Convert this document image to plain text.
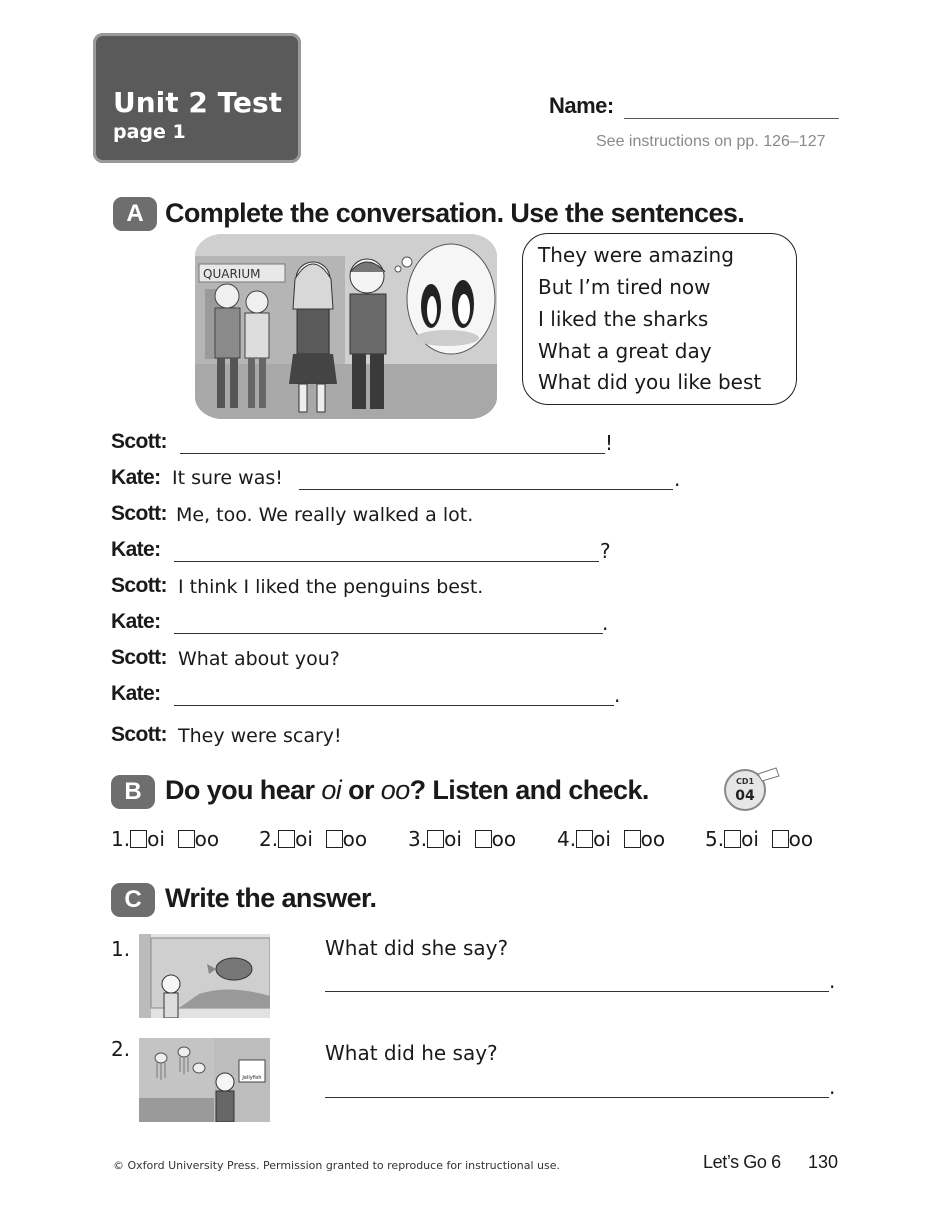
Unit 2 Test
page 1
Name:
See instructions on pp. 126–127
A Complete the conversation. Use the sentences.
QUARIUM
They were amazing
But I’m tired now
I liked the sharks
What a great day
What did you like best
Scott:	!
Kate: It sure was!	.
Scott: Me, too. We really walked a lot.
Kate:	?
Scott: I think I liked the penguins best.
Kate:	.
Scott: What about you?
Kate:	.
Scott: They were scary!
B Do you hear oi or oo? Listen and check.	CD1
04
1. oi oo 2. oi oo 3. oi oo 4. oi oo 5. oi oo
C Write the answer.
1.	What did she say?
.
2.
Jellyfish
What did he say?
.
© Oxford University Press. Permission granted to reproduce for instructional use.	Let’s Go 6 130
